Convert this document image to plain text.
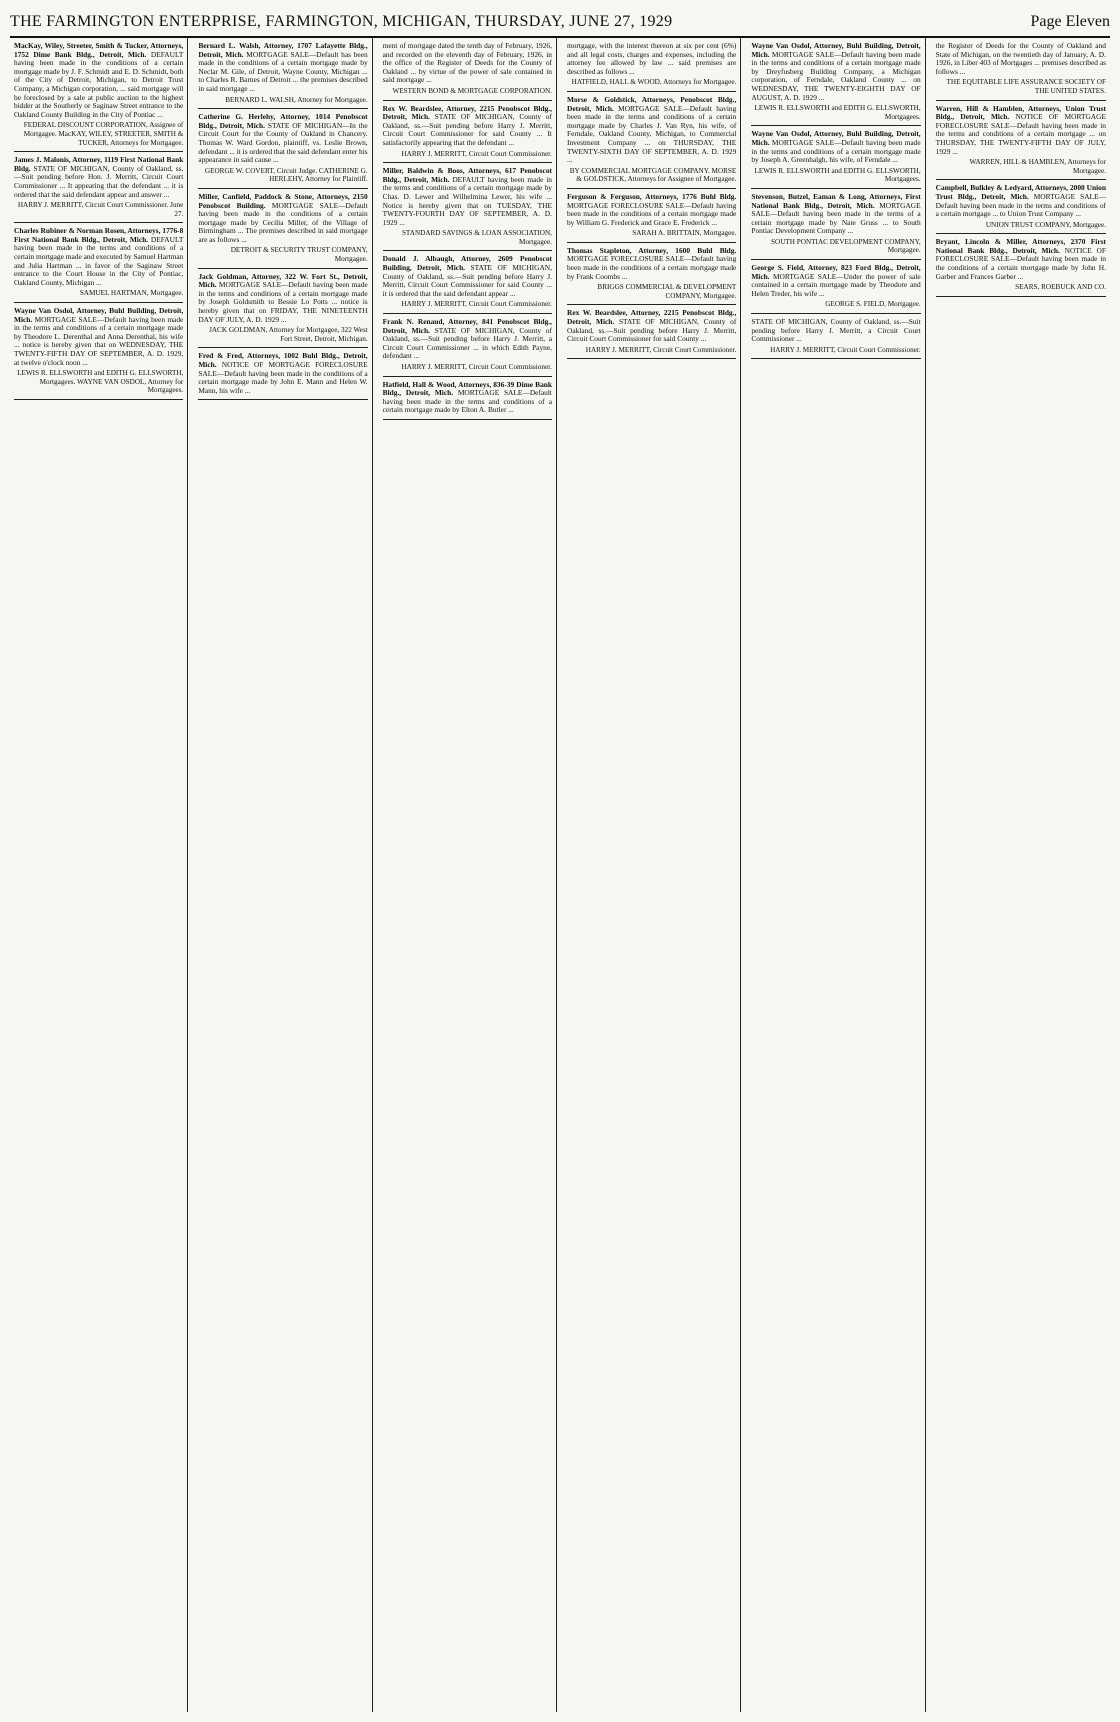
THE FARMINGTON ENTERPRISE, FARMINGTON, MICHIGAN, THURSDAY, JUNE 27, 1929	Page Eleven
MacKay, Wiley, Streeter, Smith & Tucker, Attorneys, 1752 Dime Bank Bldg., Detroit, Mich. DEFAULT having been made in the conditions of a certain mortgage made by J. F. Schmidt and E. D. Schmidt, both of the City of Detroit, Michigan, to Detroit Trust Company, a Michigan corporation, ... said mortgage will be foreclosed by a sale at public auction to the highest bidder at the Southerly or Saginaw Street entrance to the Oakland County Building in the City of Pontiac ...
FEDERAL DISCOUNT CORPORATION, Assignee of Mortgagee. MacKAY, WILEY, STREETER, SMITH & TUCKER, Attorneys for Mortgagee.
James J. Malonis, Attorney, 1119 First National Bank Bldg. STATE OF MICHIGAN, County of Oakland, ss.—Suit pending before Hon. J. Merritt, Circuit Court Commissioner ... It appearing that the defendant ... it is ordered that the said defendant appear and answer ...
HARRY J. MERRITT, Circuit Court Commissioner. June 27.
Charles Rubiner & Norman Rosen, Attorneys, 1776-8 First National Bank Bldg., Detroit, Mich. DEFAULT having been made in the terms and conditions of a certain mortgage made and executed by Samuel Hartman and Julia Hartman ... in favor of the Saginaw Street entrance to the Court House in the City of Pontiac, Oakland County, Michigan ...
SAMUEL HARTMAN, Mortgagee.
Wayne Van Osdol, Attorney, Buhl Building, Detroit, Mich. MORTGAGE SALE—Default having been made in the terms and conditions of a certain mortgage made by Theodore L. Derenthal and Anna Derenthal, his wife ... notice is hereby given that on WEDNESDAY, THE TWENTY-FIFTH DAY OF SEPTEMBER, A. D. 1929, at twelve o'clock noon ...
LEWIS R. ELLSWORTH and EDITH G. ELLSWORTH, Mortgagees. WAYNE VAN OSDOL, Attorney for Mortgagees.
Bernard L. Walsh, Attorney, 1707 Lafayette Bldg., Detroit, Mich. MORTGAGE SALE—Default has been made in the conditions of a certain mortgage made by Neclar M. Gile, of Detroit, Wayne County, Michigan ... to Charles R. Barnes of Detroit ... the premises described in said mortgage ...
BERNARD L. WALSH, Attorney for Mortgagee.
Catherine G. Herlehy, Attorney, 1014 Penobscot Bldg., Detroit, Mich. STATE OF MICHIGAN—In the Circuit Court for the County of Oakland in Chancery. Thomas W. Ward Gordon, plaintiff, vs. Leslie Brown, defendant ... it is ordered that the said defendant enter his appearance in said cause ...
GEORGE W. COVERT, Circuit Judge. CATHERINE G. HERLEHY, Attorney for Plaintiff.
Miller, Canfield, Paddock & Stone, Attorneys, 2150 Penobscot Building. MORTGAGE SALE—Default having been made in the conditions of a certain mortgage made by Cecilia Miller, of the Village of Birmingham ... The premises described in said mortgage are as follows ...
DETROIT & SECURITY TRUST COMPANY, Mortgagee.
Jack Goldman, Attorney, 322 W. Fort St., Detroit, Mich. MORTGAGE SALE—Default having been made in the terms and conditions of a certain mortgage made by Joseph Goldsmith to Bessie Lo Potts ... notice is hereby given that on FRIDAY, THE NINETEENTH DAY OF JULY, A. D. 1929 ...
JACK GOLDMAN, Attorney for Mortgagee, 322 West Fort Street, Detroit, Michigan.
Fred & Fred, Attorneys, 1002 Buhl Bldg., Detroit, Mich. NOTICE OF MORTGAGE FORECLOSURE SALE—Default having been made in the conditions of a certain mortgage made by John E. Mann and Helen W. Mann, his wife ...
ment of mortgage dated the tenth day of February, 1926, and recorded on the eleventh day of February, 1926, in the office of the Register of Deeds for the County of Oakland ... by virtue of the power of sale contained in said mortgage ...
WESTERN BOND & MORTGAGE CORPORATION.
Rex W. Beardslee, Attorney, 2215 Penobscot Bldg., Detroit, Mich. STATE OF MICHIGAN, County of Oakland, ss.—Suit pending before Harry J. Merritt, Circuit Court Commissioner for said County ... It satisfactorily appearing that the defendant ...
HARRY J. MERRITT, Circuit Court Commissioner.
Miller, Baldwin & Boos, Attorneys, 617 Penobscot Bldg., Detroit, Mich. DEFAULT having been made in the terms and conditions of a certain mortgage made by Chas. D. Lewer and Wilhelmina Lewer, his wife ... Notice is hereby given that on TUESDAY, THE TWENTY-FOURTH DAY OF SEPTEMBER, A. D. 1929 ...
STANDARD SAVINGS & LOAN ASSOCIATION, Mortgagee.
Donald J. Albaugh, Attorney, 2609 Penobscot Building, Detroit, Mich. STATE OF MICHIGAN, County of Oakland, ss.—Suit pending before Harry J. Merritt, Circuit Court Commissioner for said County ... it is ordered that the said defendant appear ...
HARRY J. MERRITT, Circuit Court Commissioner.
Frank N. Renaud, Attorney, 841 Penobscot Bldg., Detroit, Mich. STATE OF MICHIGAN, County of Oakland, ss.—Suit pending before Harry J. Merritt, a Circuit Court Commissioner ... in which Edith Payne, defendant ...
HARRY J. MERRITT, Circuit Court Commissioner.
Hatfield, Hall & Wood, Attorneys, 836-39 Dime Bank Bldg., Detroit, Mich. MORTGAGE SALE—Default having been made in the terms and conditions of a certain mortgage made by Elton A. Butler ...
mortgage, with the interest thereon at six per cent (6%) and all legal costs, charges and expenses, including the attorney fee allowed by law ... said premises are described as follows ...
HATFIELD, HALL & WOOD, Attorneys for Mortgagee.
Morse & Goldstick, Attorneys, Penobscot Bldg., Detroit, Mich. MORTGAGE SALE—Default having been made in the terms and conditions of a certain mortgage made by Charles J. Van Ryn, his wife, of Ferndale, Oakland County, Michigan, to Commercial Investment Company ... on THURSDAY, THE TWENTY-SIXTH DAY OF SEPTEMBER, A. D. 1929 ...
BY COMMERCIAL MORTGAGE COMPANY. MORSE & GOLDSTICK, Attorneys for Assignee of Mortgagee.
Ferguson & Ferguson, Attorneys, 1776 Buhl Bldg. MORTGAGE FORECLOSURE SALE—Default having been made in the conditions of a certain mortgage made by William G. Frederick and Grace E. Frederick ...
SARAH A. BRITTAIN, Mortgagee.
Thomas Stapleton, Attorney, 1600 Buhl Bldg. MORTGAGE FORECLOSURE SALE—Default having been made in the conditions of a certain mortgage made by Frank Coombs ...
BRIGGS COMMERCIAL & DEVELOPMENT COMPANY, Mortgagee.
Rex W. Beardslee, Attorney, 2215 Penobscot Bldg., Detroit, Mich. STATE OF MICHIGAN, County of Oakland, ss.—Suit pending before Harry J. Merritt, Circuit Court Commissioner for said County ...
HARRY J. MERRITT, Circuit Court Commissioner.
Wayne Van Osdol, Attorney, Buhl Building, Detroit, Mich. MORTGAGE SALE—Default having been made in the terms and conditions of a certain mortgage made by Dreyfusberg Building Company, a Michigan corporation, of Ferndale, Oakland County ... on WEDNESDAY, THE TWENTY-EIGHTH DAY OF AUGUST, A. D. 1929 ...
LEWIS R. ELLSWORTH and EDITH G. ELLSWORTH, Mortgagees.
Wayne Van Osdol, Attorney, Buhl Building, Detroit, Mich. MORTGAGE SALE—Default having been made in the terms and conditions of a certain mortgage made by Joseph A. Greenhalgh, his wife, of Ferndale ...
LEWIS R. ELLSWORTH and EDITH G. ELLSWORTH, Mortgagees.
Stevenson, Butzel, Eaman & Long, Attorneys, First National Bank Bldg., Detroit, Mich. MORTGAGE SALE—Default having been made in the terms of a certain mortgage made by Nate Gruss ... to South Pontiac Development Company ...
SOUTH PONTIAC DEVELOPMENT COMPANY, Mortgagee.
George S. Field, Attorney, 823 Ford Bldg., Detroit, Mich. MORTGAGE SALE—Under the power of sale contained in a certain mortgage made by Theodore and Helen Treder, his wife ...
GEORGE S. FIELD, Mortgagee.
STATE OF MICHIGAN, County of Oakland, ss.—Suit pending before Harry J. Merritt, a Circuit Court Commissioner ...
HARRY J. MERRITT, Circuit Court Commissioner.
the Register of Deeds for the County of Oakland and State of Michigan, on the twentieth day of January, A. D. 1926, in Liber 403 of Mortgages ... premises described as follows ...
THE EQUITABLE LIFE ASSURANCE SOCIETY OF THE UNITED STATES.
Warren, Hill & Hamblen, Attorneys, Union Trust Bldg., Detroit, Mich. NOTICE OF MORTGAGE FORECLOSURE SALE—Default having been made in the terms and conditions of a certain mortgage ... on THURSDAY, THE TWENTY-FIFTH DAY OF JULY, 1929 ...
WARREN, HILL & HAMBLEN, Attorneys for Mortgagee.
Campbell, Bulkley & Ledyard, Attorneys, 2000 Union Trust Bldg., Detroit, Mich. MORTGAGE SALE—Default having been made in the terms and conditions of a certain mortgage ... to Union Trust Company ...
UNION TRUST COMPANY, Mortgagee.
Bryant, Lincoln & Miller, Attorneys, 2370 First National Bank Bldg., Detroit, Mich. NOTICE OF FORECLOSURE SALE—Default having been made in the conditions of a certain mortgage made by John H. Garber and Frances Garber ...
SEARS, ROEBUCK AND CO.
